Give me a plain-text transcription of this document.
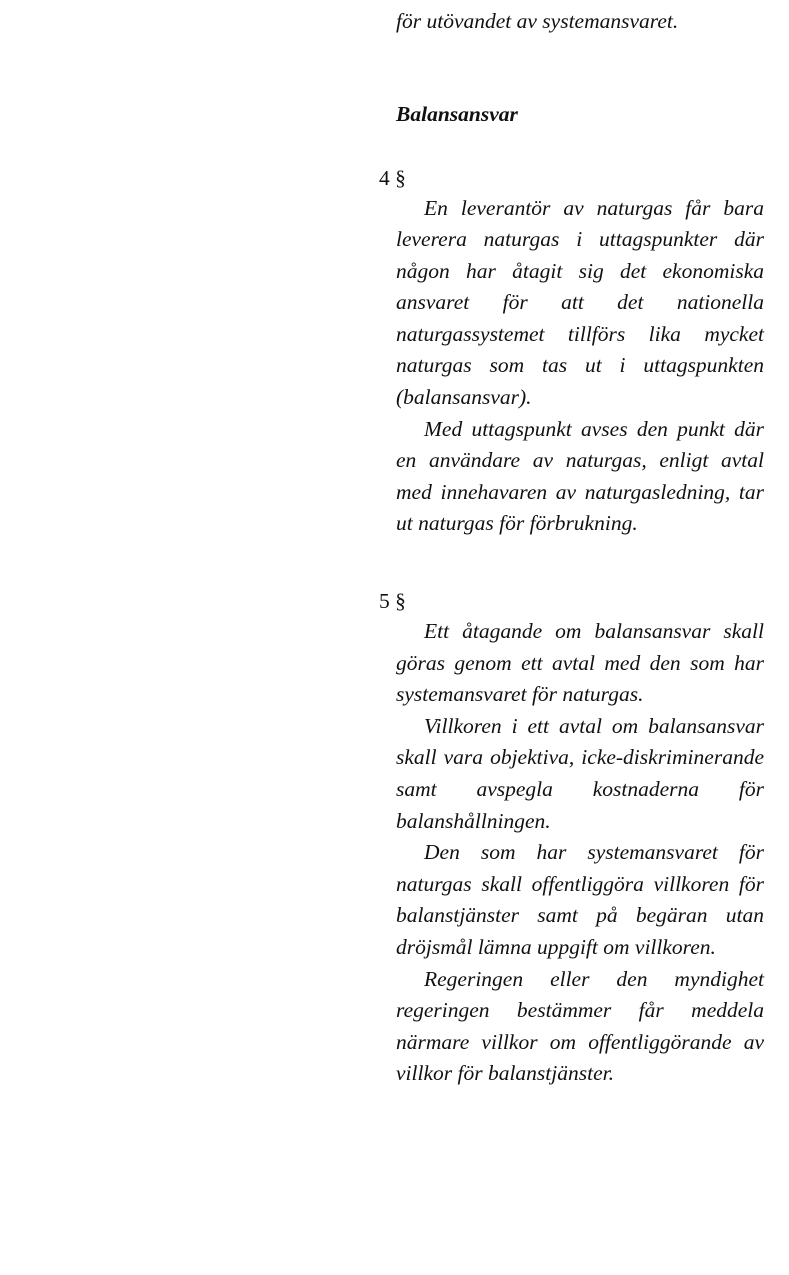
för utövandet av systemansvaret.
Balansansvar
4 §

En leverantör av naturgas får bara leverera naturgas i uttagspunkter där någon har åtagit sig det ekonomiska ansvaret för att det nationella naturgassystemet tillförs lika mycket naturgas som tas ut i uttagspunkten (balansansvar).

Med uttagspunkt avses den punkt där en användare av naturgas, enligt avtal med innehavaren av naturgasledning, tar ut naturgas för förbrukning.

5 §

Ett åtagande om balansansvar skall göras genom ett avtal med den som har systemansvaret för naturgas.

Villkoren i ett avtal om balansansvar skall vara objektiva, icke-diskriminerande samt avspegla kostnaderna för balanshållningen.

Den som har systemansvaret för naturgas skall offentliggöra villkoren för balanstjänster samt på begäran utan dröjsmål lämna uppgift om villkoren.

Regeringen eller den myndighet regeringen bestämmer får meddela närmare villkor om offentliggörande av villkor för balanstjänster.
